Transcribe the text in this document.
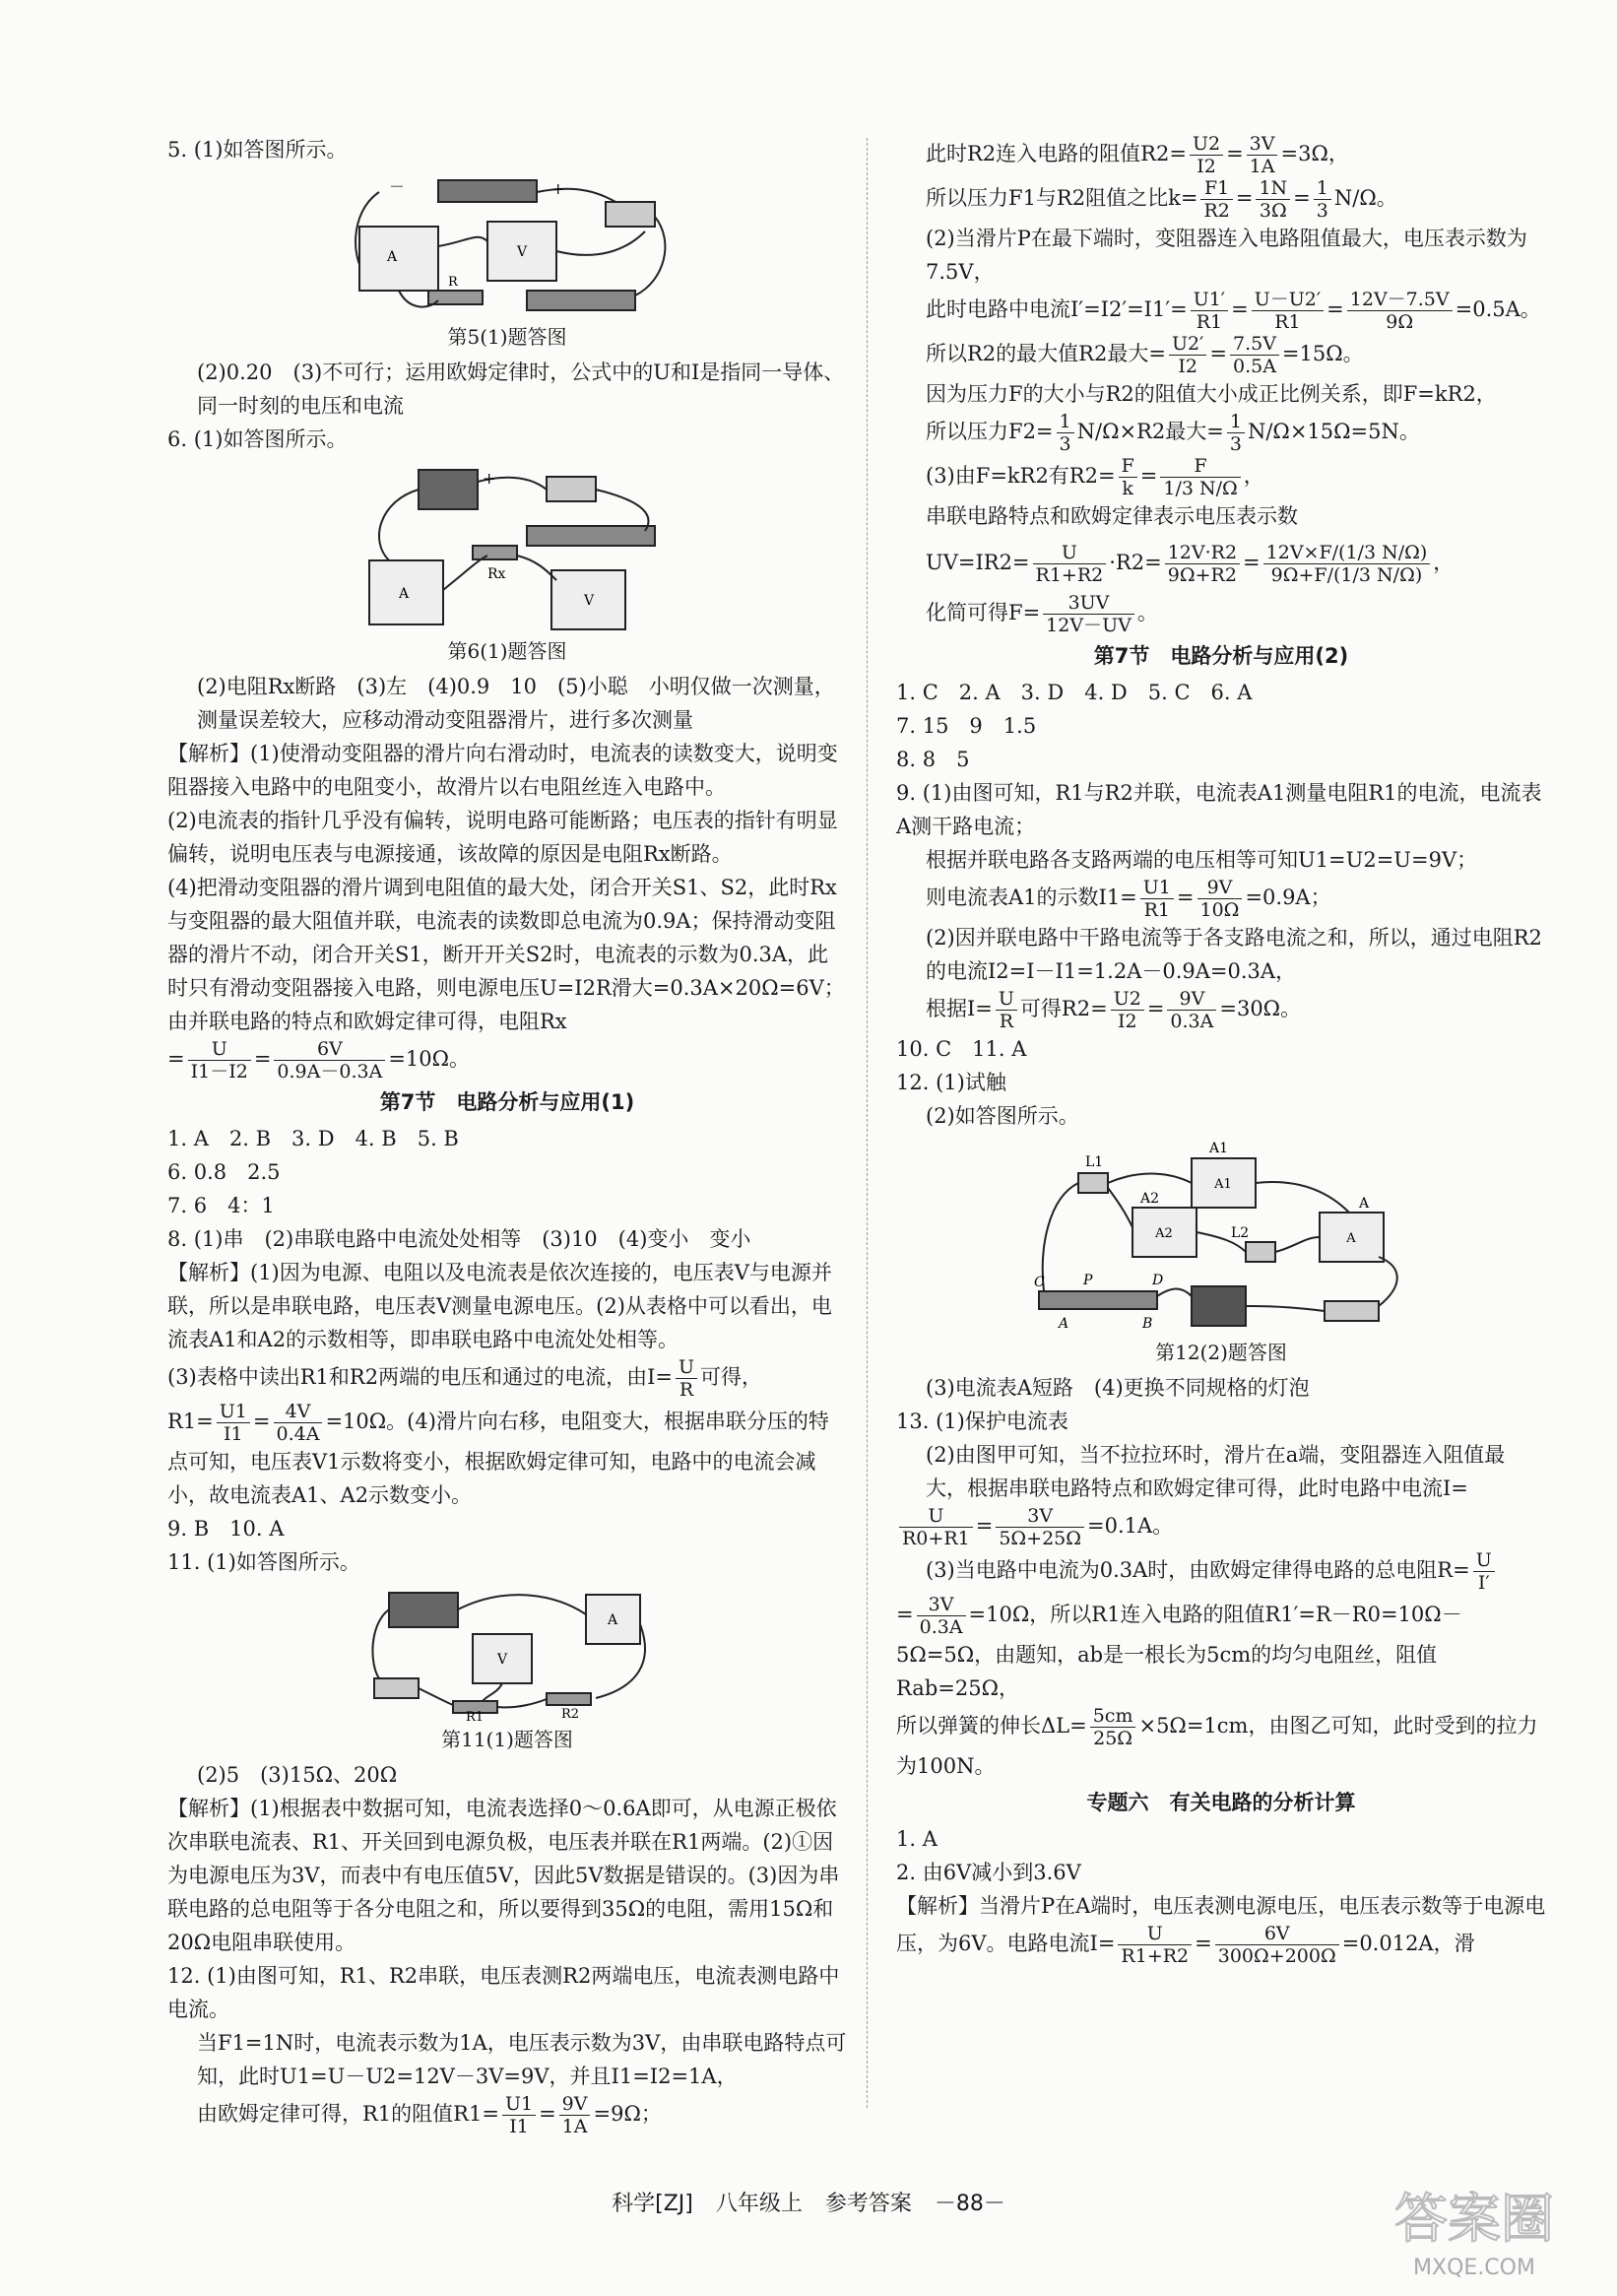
5. (1)如答图所示。

A	V
R
－	+

第5(1)题答图

(2)0.20　(3)不可行；运用欧姆定律时，公式中的U和I是指同一导体、同一时刻的电压和电流

6. (1)如答图所示。

A	V
Rx
+

第6(1)题答图

(2)电阻Rx断路　(3)左　(4)0.9　10　(5)小聪　小明仅做一次测量，测量误差较大，应移动滑动变阻器滑片，进行多次测量

【解析】(1)使滑动变阻器的滑片向右滑动时，电流表的读数变大，说明变阻器接入电路中的电阻变小，故滑片以右电阻丝连入电路中。

(2)电流表的指针几乎没有偏转，说明电路可能断路；电压表的指针有明显偏转，说明电压表与电源接通，该故障的原因是电阻Rx断路。

(4)把滑动变阻器的滑片调到电阻值的最大处，闭合开关S1、S2，此时Rx与变阻器的最大阻值并联，电流表的读数即总电流为0.9A；保持滑动变阻器的滑片不动，闭合开关S1，断开开关S2时，电流表的示数为0.3A，此时只有滑动变阻器接入电路，则电源电压U=I2R滑大=0.3A×20Ω=6V；由并联电路的特点和欧姆定律可得，电阻Rx

= $\frac{U}{I1-I2} = \frac{6V}{0.9A-0.3A} =10\Omega$。

第7节　电路分析与应用(1)

1. A　2. B　3. D　4. B　5. B

6. 0.8　2.5

7. 6　4：1

8. (1)串　(2)串联电路中电流处处相等　(3)10　(4)变小　变小

【解析】(1)因为电源、电阻以及电流表是依次连接的，电压表V与电源并联，所以是串联电路，电压表V测量电源电压。(2)从表格中可以看出，电流表A1和A2的示数相等，即串联电路中电流处处相等。

(3)表格中读出R1和R2两端的电压和通过的电流，由$I= \frac{U}{R}$ 可得，

$R1= \frac{U1}{I1} = \frac{4V}{0.4A} =10\Omega$。(4)滑片向右移，电阻变大，根据串联分压的特点可知，电压表V1示数将变小，根据欧姆定律可知，电路中的电流会减小，故电流表A1、A2示数变小。

9. B　10. A

11. (1)如答图所示。

V
A
R1	R2

第11(1)题答图

(2)5　(3)15Ω、20Ω

【解析】(1)根据表中数据可知，电流表选择0～0.6A即可，从电源正极依次串联电流表、R1、开关回到电源负极，电压表并联在R1两端。(2)①因为电源电压为3V，而表中有电压值5V，因此5V数据是错误的。(3)因为串联电路的总电阻等于各分电阻之和，所以要得到35Ω的电阻，需用15Ω和20Ω电阻串联使用。

12. (1)由图可知，R1、R2串联，电压表测R2两端电压，电流表测电路中电流。

当F1=1N时，电流表示数为1A，电压表示数为3V，由串联电路特点可知，此时U1=U－U2=12V－3V=9V，并且I1=I2=1A，

由欧姆定律可得，R1的阻值$R1= \frac{U1}{I1} = \frac{9V}{1A} =9\Omega$；

此时R2连入电路的阻值$R2= \frac{U2}{I2} = \frac{3V}{1A} =3\Omega$，

所以压力F1与R2阻值之比$k= \frac{F1}{R2} = \frac{1N}{3\Omega} = \frac{1}{3} N/\Omega$。

(2)当滑片P在最下端时，变阻器连入电路阻值最大，电压表示数为7.5V，

此时电路中电流$I'=I2'=I1'= \frac{U1'}{R1} = \frac{U-U2'}{R1} = \frac{12V-7.5V}{9\Omega} =0.5A$。

所以R2的最大值R2最大= $\frac{U2'}{I2} = \frac{7.5V}{0.5A} =15\Omega$。

因为压力F的大小与R2的阻值大小成正比例关系，即F=kR2，

所以压力$F2= \frac{1}{3} N/\Omega\times R2$最大= $\frac{1}{3} N/\Omega\times 15\Omega=5N$。

(3)由F=kR2有$R2= \frac{F}{k} = \frac{F}{1/3 N/\Omega}$ ，

串联电路特点和欧姆定律表示电压表示数

$UV=IR2= \frac{U}{R1+R2} \cdot R2= \frac{12V\cdot R2}{9\Omega+R2} = \frac{12V\times F/(1/3 N/\Omega)}{9\Omega+F/(1/3 N/\Omega)}$ ，

化简可得$F= \frac{3UV}{12V-UV}$ 。

第7节　电路分析与应用(2)

1. C　2. A　3. D　4. D　5. C　6. A

7. 15　9　1.5

8. 8　5

9. (1)由图可知，R1与R2并联，电流表A1测量电阻R1的电流，电流表A测干路电流；

根据并联电路各支路两端的电压相等可知U1=U2=U=9V；

则电流表A1的示数$I1= \frac{U1}{R1} = \frac{9V}{10\Omega} =0.9A$；

(2)因并联电路中干路电流等于各支路电流之和，所以，通过电阻R2的电流I2=I－I1=1.2A－0.9A=0.3A，

根据$I= \frac{U}{R}$ 可得$R2= \frac{U2}{I2} = \frac{9V}{0.3A} =30\Omega$。

10. C　11. A

12. (1)试触

(2)如答图所示。

A1
A2	A
L1
A1
A2	A
L2
C	P	D
A	B

第12(2)题答图

(3)电流表A短路　(4)更换不同规格的灯泡

13. (1)保护电流表

(2)由图甲可知，当不拉拉环时，滑片在a端，变阻器连入阻值最大，根据串联电路特点和欧姆定律可得，此时电路中电流I=

$\frac{U}{R0+R1} = \frac{3V}{5\Omega+25\Omega} =0.1A$。

(3)当电路中电流为0.3A时，由欧姆定律得电路的总电阻$R= \frac{U}{I'}$

= $\frac{3V}{0.3A} =10\Omega$，所以R1连入电路的阻值R1′=R－R0=10Ω－5Ω=5Ω，由题知，ab是一根长为5cm的均匀电阻丝，阻值Rab=25Ω，

所以弹簧的伸长$\Delta L= \frac{5cm}{25\Omega} \times 5\Omega=1cm$，由图乙可知，此时受到的拉力为100N。

专题六　有关电路的分析计算

1. A

2. 由6V减小到3.6V

【解析】当滑片P在A端时，电压表测电源电压，电压表示数等于电源电压，为6V。电路电流$I= \frac{U}{R1+R2} = \frac{6V}{300\Omega+200\Omega} =0.012A$，滑

科学[ZJ] 八年级上 参考答案 －88－	答案圈
MXQE.COM
